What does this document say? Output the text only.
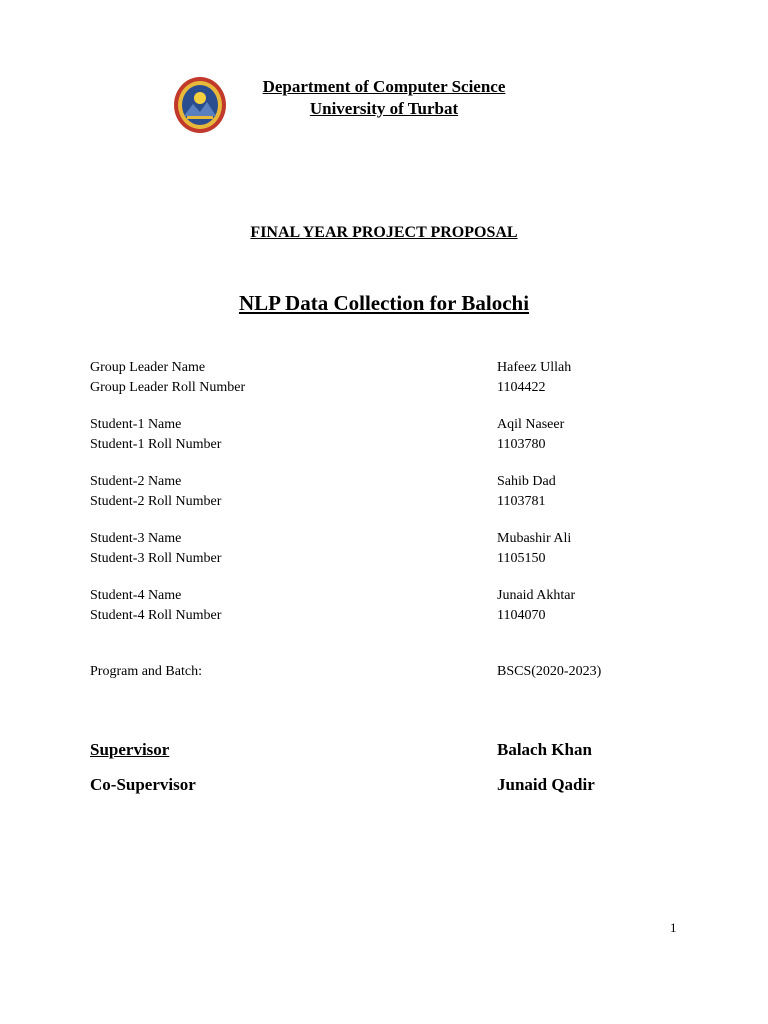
Department of Computer Science
University of Turbat
FINAL YEAR PROJECT PROPOSAL
NLP Data Collection for Balochi
Group Leader Name	Hafeez Ullah
Group Leader Roll Number	1104422
Student-1 Name	Aqil Naseer
Student-1 Roll Number	1103780
Student-2 Name	Sahib Dad
Student-2 Roll Number	1103781
Student-3 Name	Mubashir Ali
Student-3 Roll Number	1105150
Student-4 Name	Junaid Akhtar
Student-4 Roll Number	1104070
Program and Batch:	BSCS(2020-2023)
Supervisor	Balach Khan
Co-Supervisor	Junaid Qadir
1
